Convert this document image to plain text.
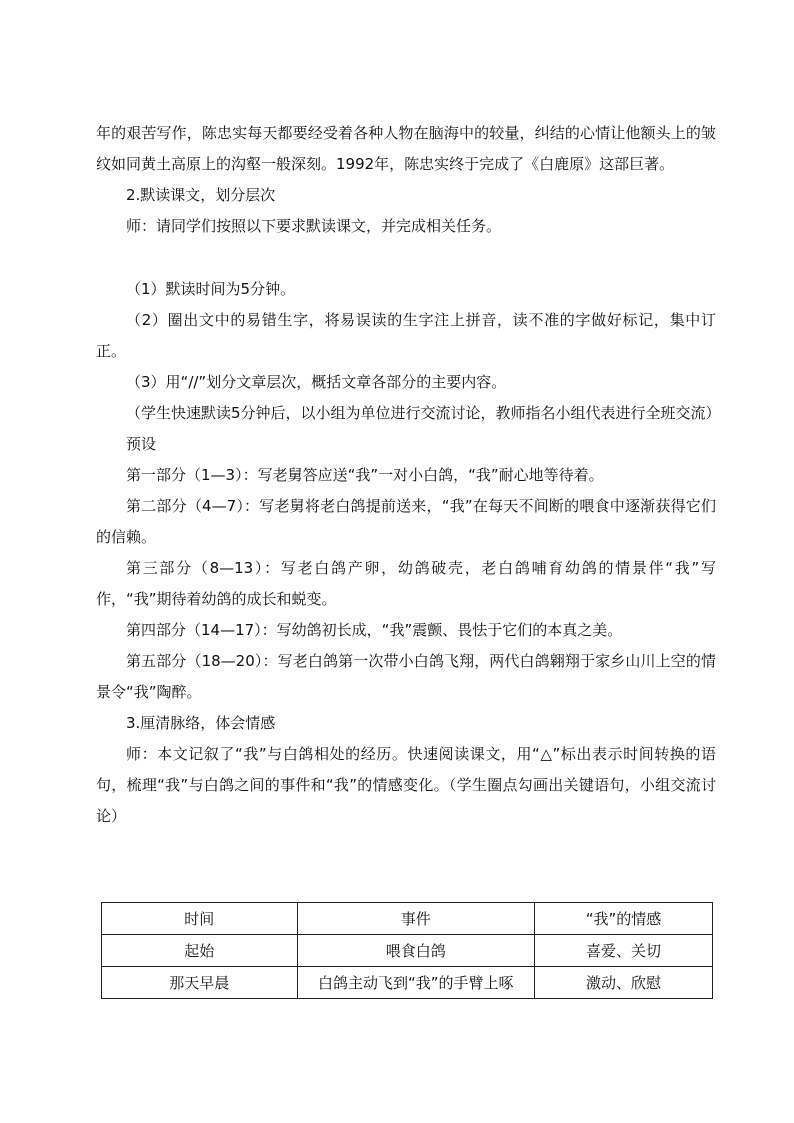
年的艰苦写作，陈忠实每天都要经受着各种人物在脑海中的较量，纠结的心情让他额头上的皱纹如同黄土高原上的沟壑一般深刻。1992年，陈忠实终于完成了《白鹿原》这部巨著。

2.默读课文，划分层次

师：请同学们按照以下要求默读课文，并完成相关任务。

（1）默读时间为5分钟。

（2）圈出文中的易错生字，将易误读的生字注上拼音，读不准的字做好标记，集中订正。

（3）用“//”划分文章层次，概括文章各部分的主要内容。

（学生快速默读5分钟后，以小组为单位进行交流讨论，教师指名小组代表进行全班交流）

预设

第一部分（1—3）：写老舅答应送“我”一对小白鸽，“我”耐心地等待着。

第二部分（4—7）：写老舅将老白鸽提前送来，“我”在每天不间断的喂食中逐渐获得它们的信赖。

第三部分（8—13）：写老白鸽产卵，幼鸽破壳，老白鸽哺育幼鸽的情景伴“我”写作，“我”期待着幼鸽的成长和蜕变。

第四部分（14—17）：写幼鸽初长成，“我”震颤、畏怯于它们的本真之美。

第五部分（18—20）：写老白鸽第一次带小白鸽飞翔，两代白鸽翱翔于家乡山川上空的情景令“我”陶醉。

3.厘清脉络，体会情感

师：本文记叙了“我”与白鸽相处的经历。快速阅读课文，用“△”标出表示时间转换的语句，梳理“我”与白鸽之间的事件和“我”的情感变化。（学生圈点勾画出关键语句，小组交流讨论）

时间	事件	“我”的情感
起始	喂食白鸽	喜爱、关切
那天早晨	白鸽主动飞到“我”的手臂上啄	激动、欣慰
